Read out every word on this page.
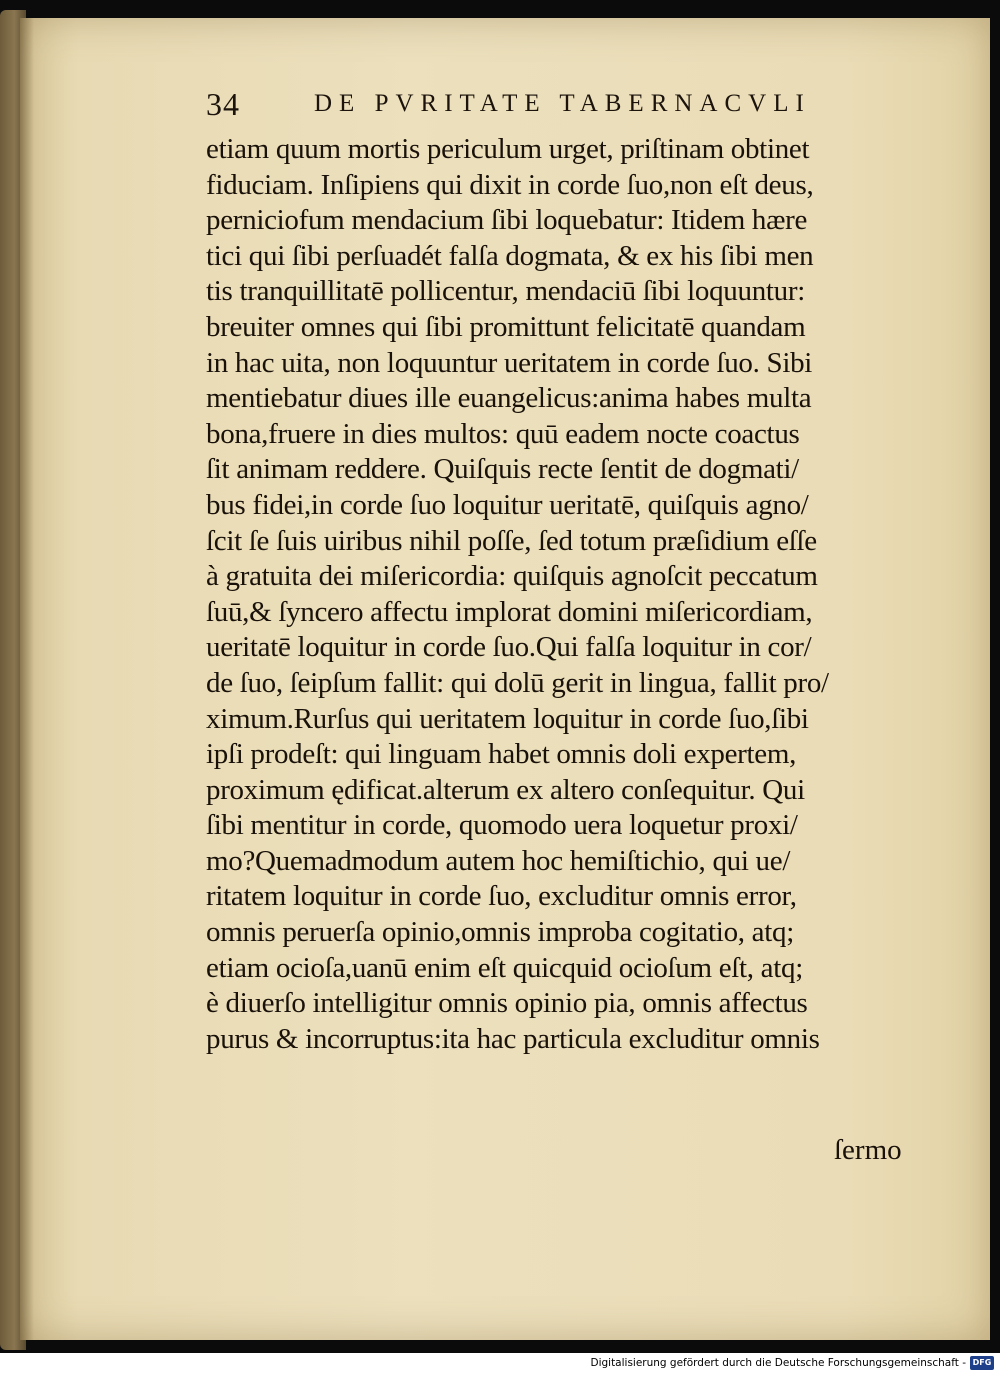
34	DE PVRITATE TABERNACVLI
etiam quum mortis periculum urget, priſtinam obtinet
fiduciam. Inſipiens qui dixit in corde ſuo,non eſt deus,
perniciofum mendacium ſibi loquebatur: Itidem hære
tici qui ſibi perſuadét falſa dogmata, & ex his ſibi men
tis tranquillitatē pollicentur, mendaciū ſibi loquuntur:
breuiter omnes qui ſibi promittunt felicitatē quandam
in hac uita, non loquuntur ueritatem in corde ſuo. Sibi
mentiebatur diues ille euangelicus:anima habes multa
bona,fruere in dies multos: quū eadem nocte coactus
ſit animam reddere. Quiſquis recte ſentit de dogmati/
bus fidei,in corde ſuo loquitur ueritatē, quiſquis agno/
ſcit ſe ſuis uiribus nihil poſſe, ſed totum præſidium eſſe
à gratuita dei miſericordia: quiſquis agnoſcit peccatum
ſuū,& ſyncero affectu implorat domini miſericordiam,
ueritatē loquitur in corde ſuo.Qui falſa loquitur in cor/
de ſuo, ſeipſum fallit: qui dolū gerit in lingua, fallit pro/
ximum.Rurſus qui ueritatem loquitur in corde ſuo,ſibi
ipſi prodeſt: qui linguam habet omnis doli expertem,
proximum ędificat.alterum ex altero conſequitur. Qui
ſibi mentitur in corde, quomodo uera loquetur proxi/
mo?Quemadmodum autem hoc hemiſtichio, qui ue/
ritatem loquitur in corde ſuo, excluditur omnis error,
omnis peruerſa opinio,omnis improba cogitatio, atq;
etiam ocioſa,uanū enim eſt quicquid ocioſum eſt, atq;
è diuerſo intelligitur omnis opinio pia, omnis affectus
purus & incorruptus:ita hac particula excluditur omnis
ſermo
Digitalisierung gefördert durch die Deutsche Forschungsgemeinschaft - DFG
